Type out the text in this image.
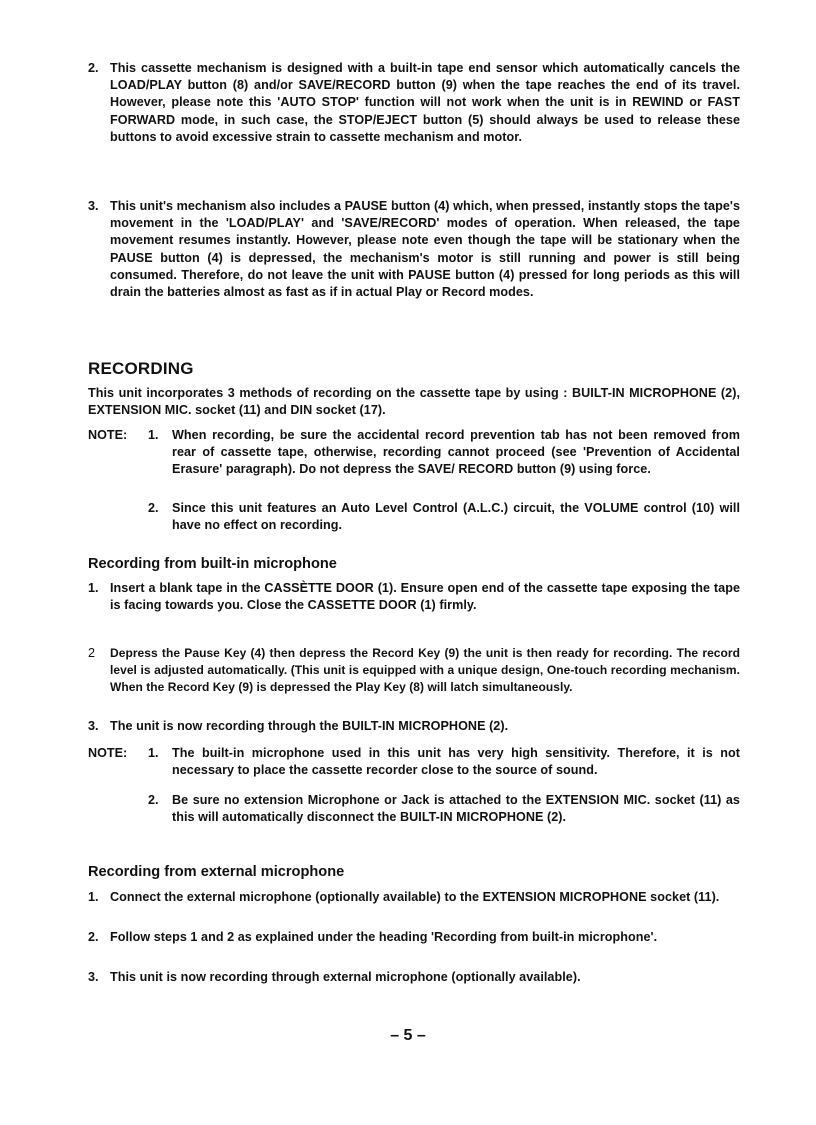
2. This cassette mechanism is designed with a built-in tape end sensor which automatically cancels the LOAD/PLAY button (8) and/or SAVE/RECORD button (9) when the tape reaches the end of its travel. However, please note this 'AUTO STOP' function will not work when the unit is in REWIND or FAST FORWARD mode, in such case, the STOP/EJECT button (5) should always be used to release these buttons to avoid excessive strain to cassette mechanism and motor.
3. This unit's mechanism also includes a PAUSE button (4) which, when pressed, instantly stops the tape's movement in the 'LOAD/PLAY' and 'SAVE/RECORD' modes of operation. When released, the tape movement resumes instantly. However, please note even though the tape will be stationary when the PAUSE button (4) is depressed, the mechanism's motor is still running and power is still being consumed. Therefore, do not leave the unit with PAUSE button (4) pressed for long periods as this will drain the batteries almost as fast as if in actual Play or Record modes.
RECORDING
This unit incorporates 3 methods of recording on the cassette tape by using : BUILT-IN MICROPHONE (2), EXTENSION MIC. socket (11) and DIN socket (17).
NOTE: 1. When recording, be sure the accidental record prevention tab has not been removed from rear of cassette tape, otherwise, recording cannot proceed (see 'Prevention of Accidental Erasure' paragraph). Do not depress the SAVE/ RECORD button (9) using force.
2. Since this unit features an Auto Level Control (A.L.C.) circuit, the VOLUME control (10) will have no effect on recording.
Recording from built-in microphone
1. Insert a blank tape in the CASSÈTTE DOOR (1). Ensure open end of the cassette tape exposing the tape is facing towards you. Close the CASSETTE DOOR (1) firmly.
2 Depress the Pause Key (4) then depress the Record Key (9) the unit is then ready for recording. The record level is adjusted automatically. (This unit is equipped with a unique design, One-touch recording mechanism. When the Record Key (9) is depressed the Play Key (8) will latch simultaneously.
3. The unit is now recording through the BUILT-IN MICROPHONE (2).
NOTE: 1. The built-in microphone used in this unit has very high sensitivity. Therefore, it is not necessary to place the cassette recorder close to the source of sound.
2. Be sure no extension Microphone or Jack is attached to the EXTENSION MIC. socket (11) as this will automatically disconnect the BUILT-IN MICROPHONE (2).
Recording from external microphone
1. Connect the external microphone (optionally available) to the EXTENSION MICROPHONE socket (11).
2. Follow steps 1 and 2 as explained under the heading 'Recording from built-in microphone'.
3. This unit is now recording through external microphone (optionally available).
– 5 –
